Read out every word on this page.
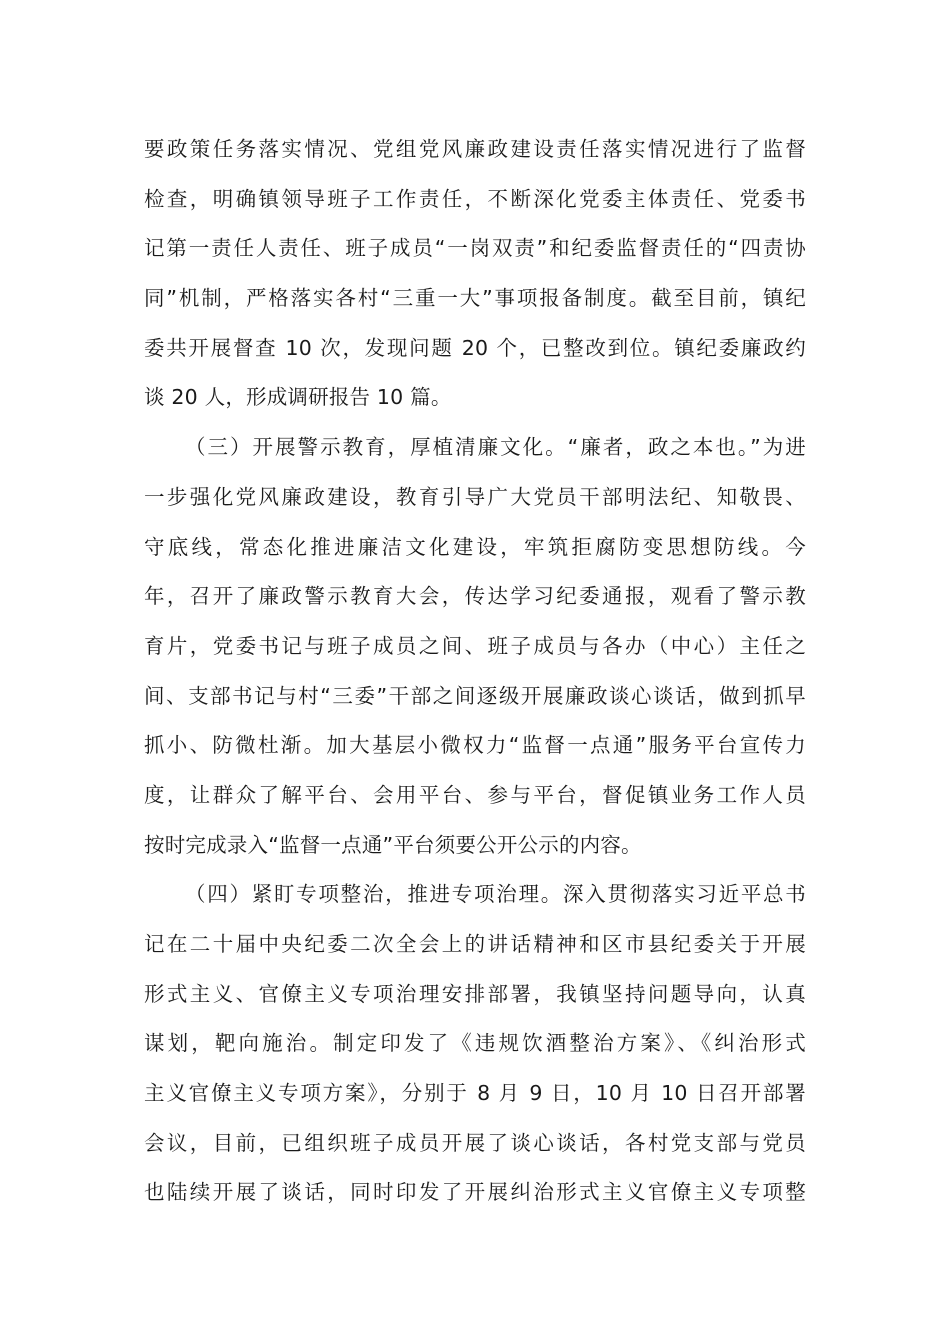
要政策任务落实情况、党组党风廉政建设责任落实情况进行了监督
检查，明确镇领导班子工作责任，不断深化党委主体责任、党委书
记第一责任人责任、班子成员“一岗双责”和纪委监督责任的“四责协
同”机制，严格落实各村“三重一大”事项报备制度。截至目前，镇纪
委共开展督查 10 次，发现问题 20 个，已整改到位。镇纪委廉政约
谈 20 人，形成调研报告 10 篇。
（三）开展警示教育，厚植清廉文化。“廉者，政之本也。”为进
一步强化党风廉政建设，教育引导广大党员干部明法纪、知敬畏、
守底线，常态化推进廉洁文化建设，牢筑拒腐防变思想防线。今
年，召开了廉政警示教育大会，传达学习纪委通报，观看了警示教
育片，党委书记与班子成员之间、班子成员与各办（中心）主任之
间、支部书记与村“三委”干部之间逐级开展廉政谈心谈话，做到抓早
抓小、防微杜渐。加大基层小微权力“监督一点通”服务平台宣传力
度，让群众了解平台、会用平台、参与平台，督促镇业务工作人员
按时完成录入“监督一点通”平台须要公开公示的内容。
（四）紧盯专项整治，推进专项治理。深入贯彻落实习近平总书
记在二十届中央纪委二次全会上的讲话精神和区市县纪委关于开展
形式主义、官僚主义专项治理安排部署，我镇坚持问题导向，认真
谋划，靶向施治。制定印发了《违规饮酒整治方案》、《纠治形式
主义官僚主义专项方案》，分别于 8 月 9 日，10 月 10 日召开部署
会议，目前，已组织班子成员开展了谈心谈话，各村党支部与党员
也陆续开展了谈话，同时印发了开展纠治形式主义官僚主义专项整
